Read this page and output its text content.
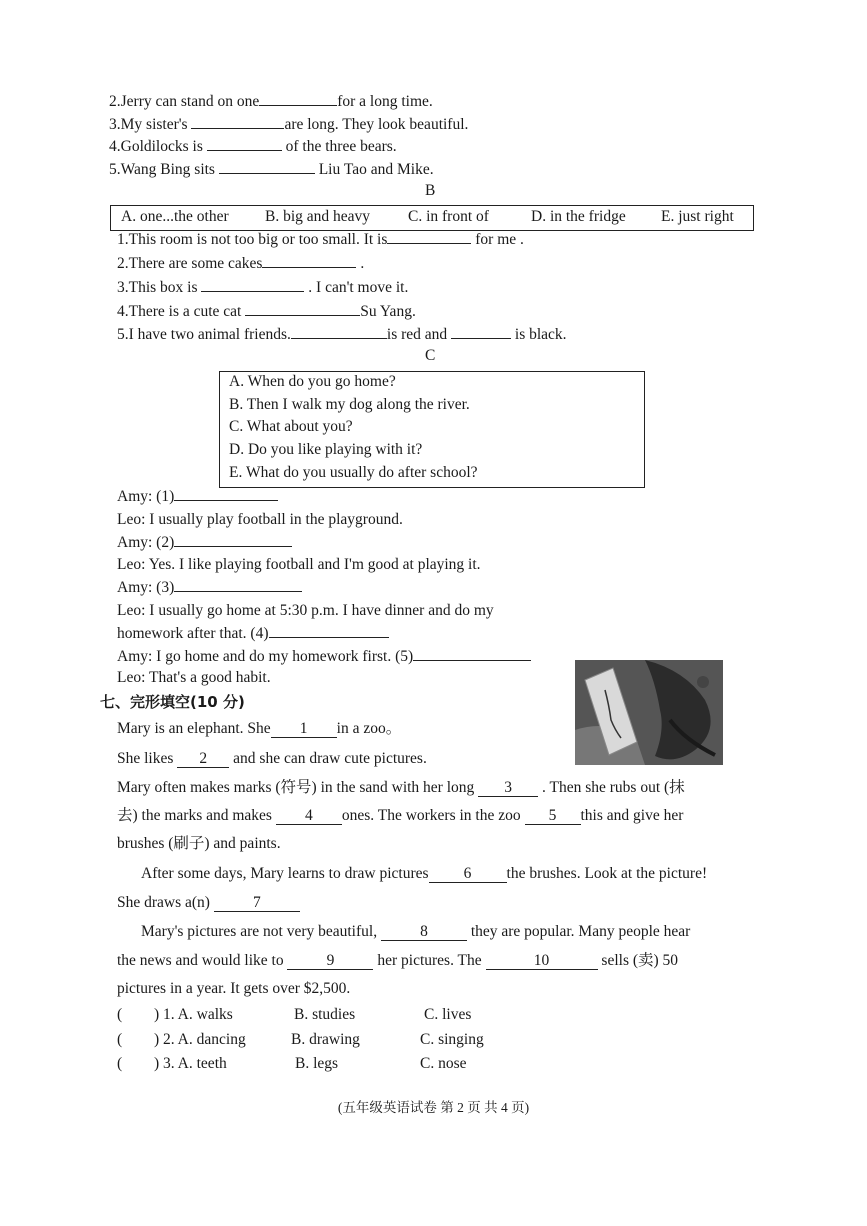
2.Jerry can stand on one	for a long time.
3.My sister's	are long. They look beautiful.
4.Goldilocks is	of the three bears.
5.Wang Bing sits	Liu Tao and Mike.
B
A. one...the other B. big and heavy C. in front of	D. in the fridge E. just right
1.This room is not too big or too small. It is	for me .
2.There are some cakes	.
3.This box is	. I can't move it.
4.There is a cute cat	Su Yang.
5.I have two animal friends.	is red and	is black.
C
A. When do you go home?
B. Then I walk my dog along the river.
C. What about you?
D. Do you like playing with it?
E. What do you usually do after school?
Amy: (1)
Leo: I usually play football in the playground.
Amy: (2)
Leo: Yes. I like playing football and I'm good at playing it.
Amy: (3)
Leo: I usually go home at 5:30 p.m. I have dinner and do my
homework after that. (4)
Amy: I go home and do my homework first. (5)
Leo: That's a good habit.
七、完形填空(10 分)
Mary is an elephant. She 1 in a zoo。
She likes 2 and she can draw cute pictures.
Mary often makes marks (符号) in the sand with her long 3 . Then she rubs out (抹
去) the marks and makes 4 ones. The workers in the zoo 5 this and give her
brushes (刷子) and paints.
After some days, Mary learns to draw pictures 6 the brushes. Look at the picture!
She draws a(n)	7
Mary's pictures are not very beautiful,	8	they are popular. Many people hear
the news and would like to	9	her pictures. The	10	sells (卖) 50
pictures in a year. It gets over $2,500.
( ) 1. A. walks	B. studies	C. lives
( ) 2. A. dancing	B. drawing	C. singing
( ) 3. A. teeth	B. legs	C. nose
(五年级英语试卷 第 2 页 共 4 页)
